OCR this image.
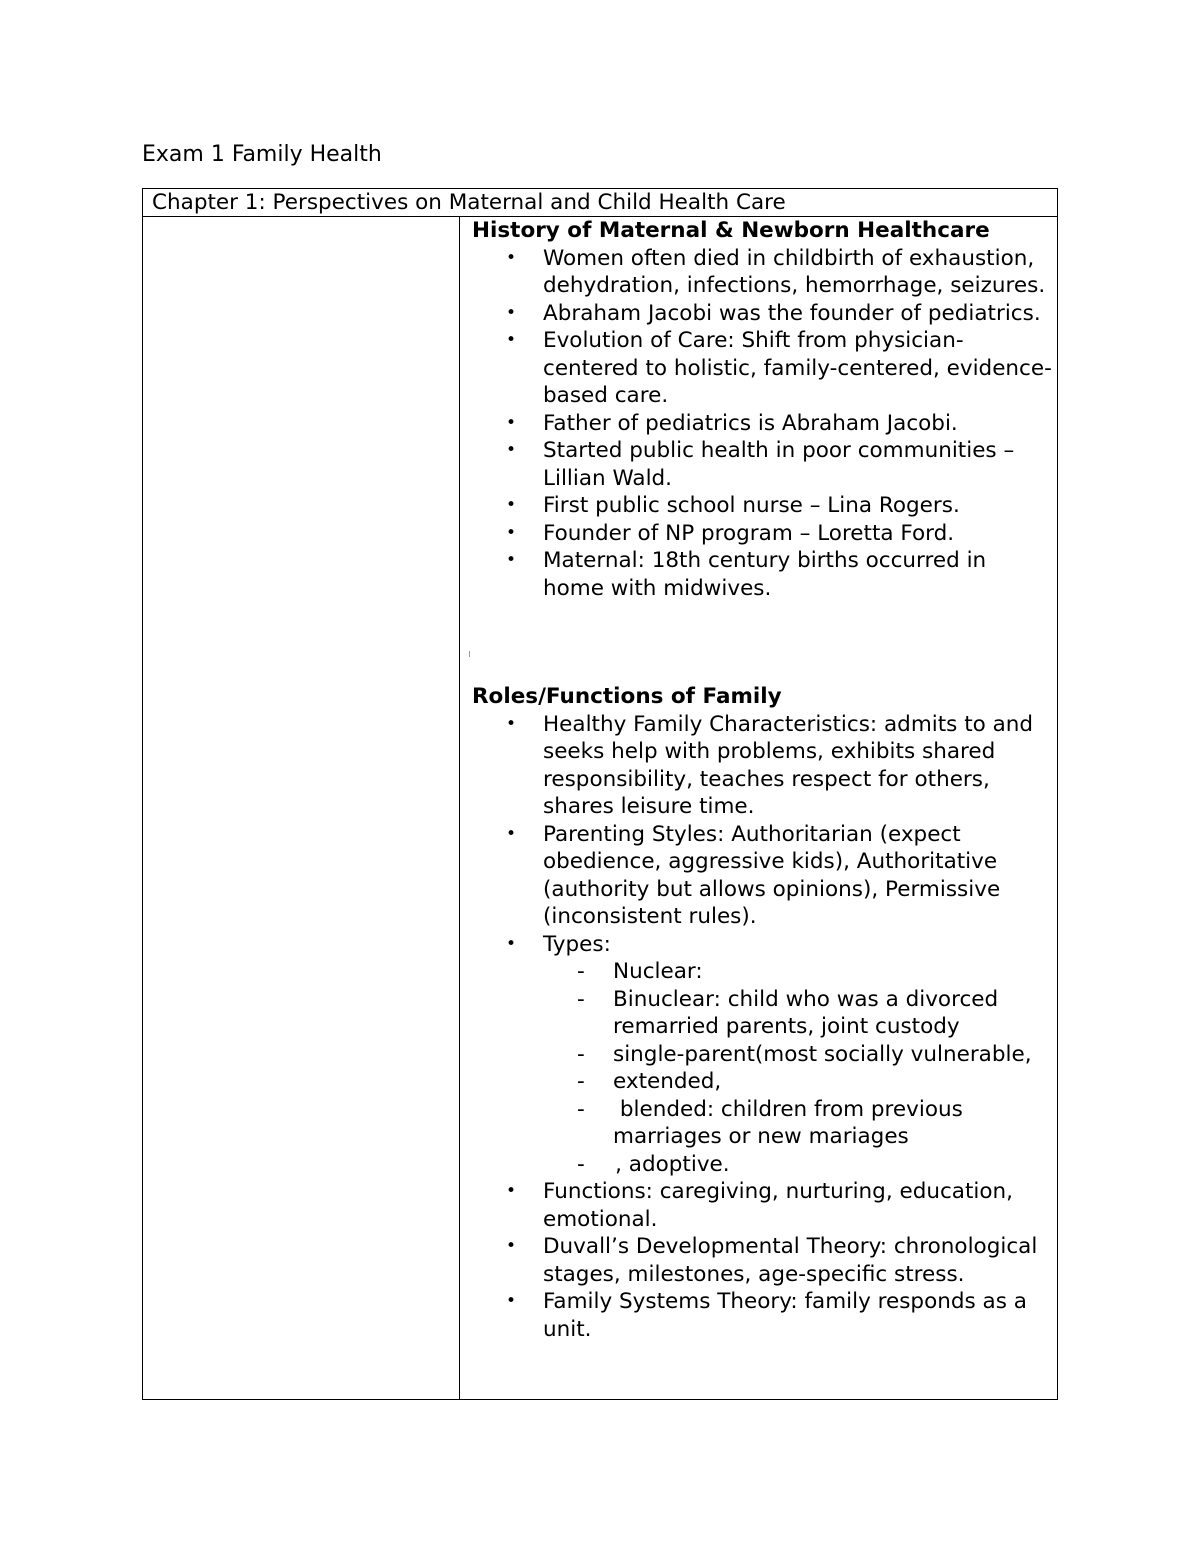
Exam 1 Family Health
Chapter 1: Perspectives on Maternal and Child Health Care

History of Maternal & Newborn Healthcare

• Women often died in childbirth of exhaustion, dehydration, infections, hemorrhage, seizures.
• Abraham Jacobi was the founder of pediatrics.
• Evolution of Care: Shift from physician-centered to holistic, family-centered, evidence-based care.
• Father of pediatrics is Abraham Jacobi.
• Started public health in poor communities – Lillian Wald.
• First public school nurse – Lina Rogers.
• Founder of NP program – Loretta Ford.
• Maternal: 18th century births occurred in home with midwives.

Roles/Functions of Family

• Healthy Family Characteristics: admits to and seeks help with problems, exhibits shared responsibility, teaches respect for others, shares leisure time.
• Parenting Styles: Authoritarian (expect obedience, aggressive kids), Authoritative (authority but allows opinions), Permissive (inconsistent rules).
• Types:
- Nuclear:
- Binuclear: child who was a divorced remarried parents, joint custody
- single-parent(most socially vulnerable,
- extended,
- blended: children from previous marriages or new mariages
- , adoptive.
• Functions: caregiving, nurturing, education, emotional.
• Duvall’s Developmental Theory: chronological stages, milestones, age-specific stress.
• Family Systems Theory: family responds as a unit.
